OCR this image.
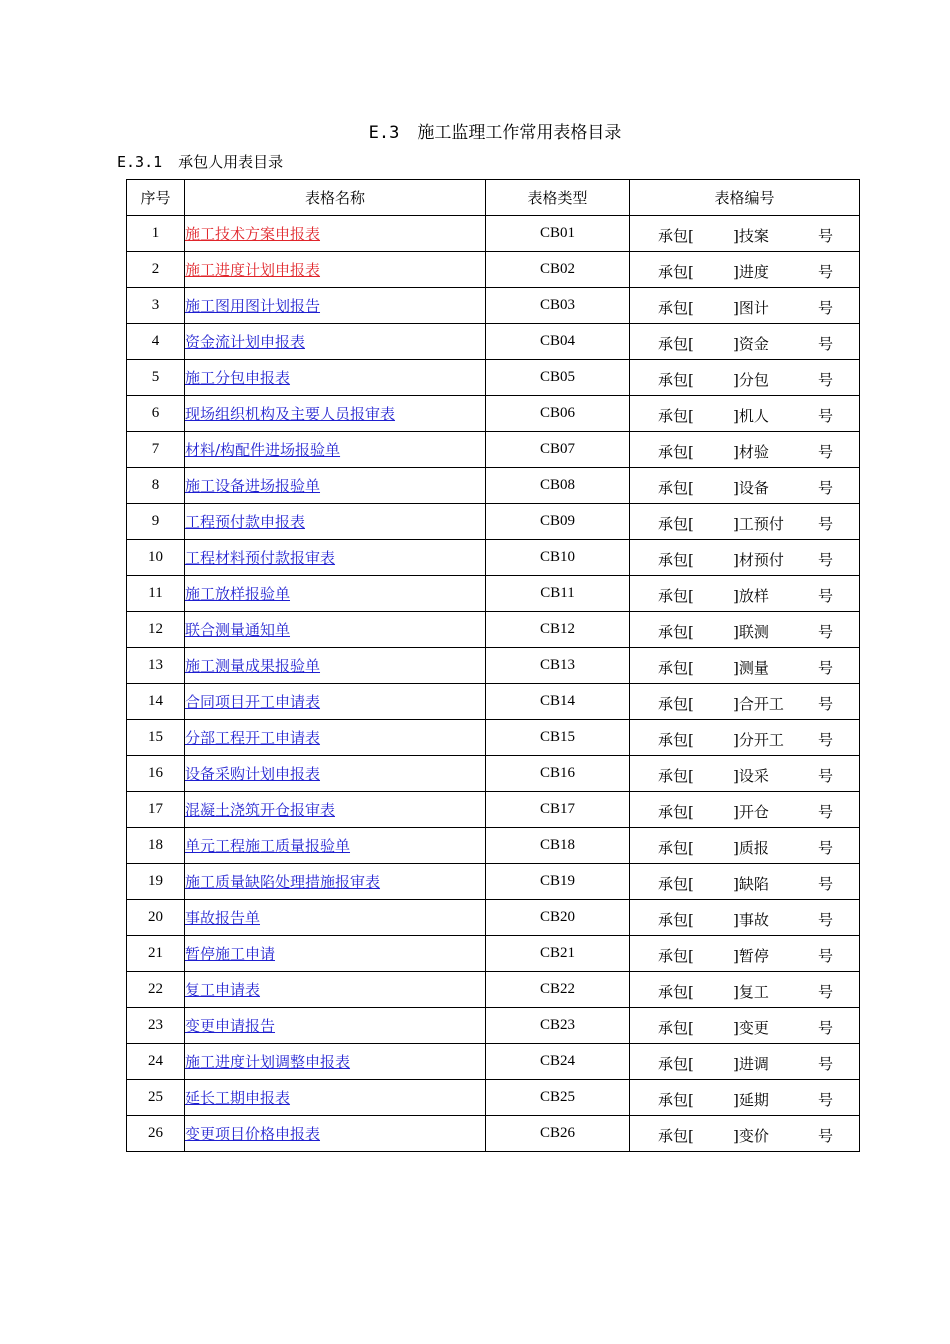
E.3 施工监理工作常用表格目录
E.3.1 承包人用表目录
序号	表格名称	表格类型	表格编号
1	施工技术方案申报表	CB01	承包[ ]技案 号

2	施工进度计划申报表	CB02	承包[ ]进度 号

3	施工图用图计划报告	CB03	承包[ ]图计 号

4	资金流计划申报表	CB04	承包[ ]资金 号

5	施工分包申报表	CB05	承包[ ]分包 号

6	现场组织机构及主要人员报审表	CB06	承包[ ]机人 号

7	材料/构配件进场报验单	CB07	承包[ ]材验 号

8	施工设备进场报验单	CB08	承包[ ]设备 号

9	工程预付款申报表	CB09	承包[ ]工预付 号

10	工程材料预付款报审表	CB10	承包[ ]材预付 号

11	施工放样报验单	CB11	承包[ ]放样 号

12	联合测量通知单	CB12	承包[ ]联测 号

13	施工测量成果报验单	CB13	承包[ ]测量 号

14	合同项目开工申请表	CB14	承包[ ]合开工 号

15	分部工程开工申请表	CB15	承包[ ]分开工 号

16	设备采购计划申报表	CB16	承包[ ]设采 号

17	混凝土浇筑开仓报审表	CB17	承包[ ]开仓 号

18	单元工程施工质量报验单	CB18	承包[ ]质报 号

19	施工质量缺陷处理措施报审表	CB19	承包[ ]缺陷 号

20	事故报告单	CB20	承包[ ]事故 号

21	暂停施工申请	CB21	承包[ ]暂停 号

22	复工申请表	CB22	承包[ ]复工 号

23	变更申请报告	CB23	承包[ ]变更 号

24	施工进度计划调整申报表	CB24	承包[ ]进调 号

25	延长工期申报表	CB25	承包[ ]延期 号

26	变更项目价格申报表	CB26	承包[ ]变价 号
